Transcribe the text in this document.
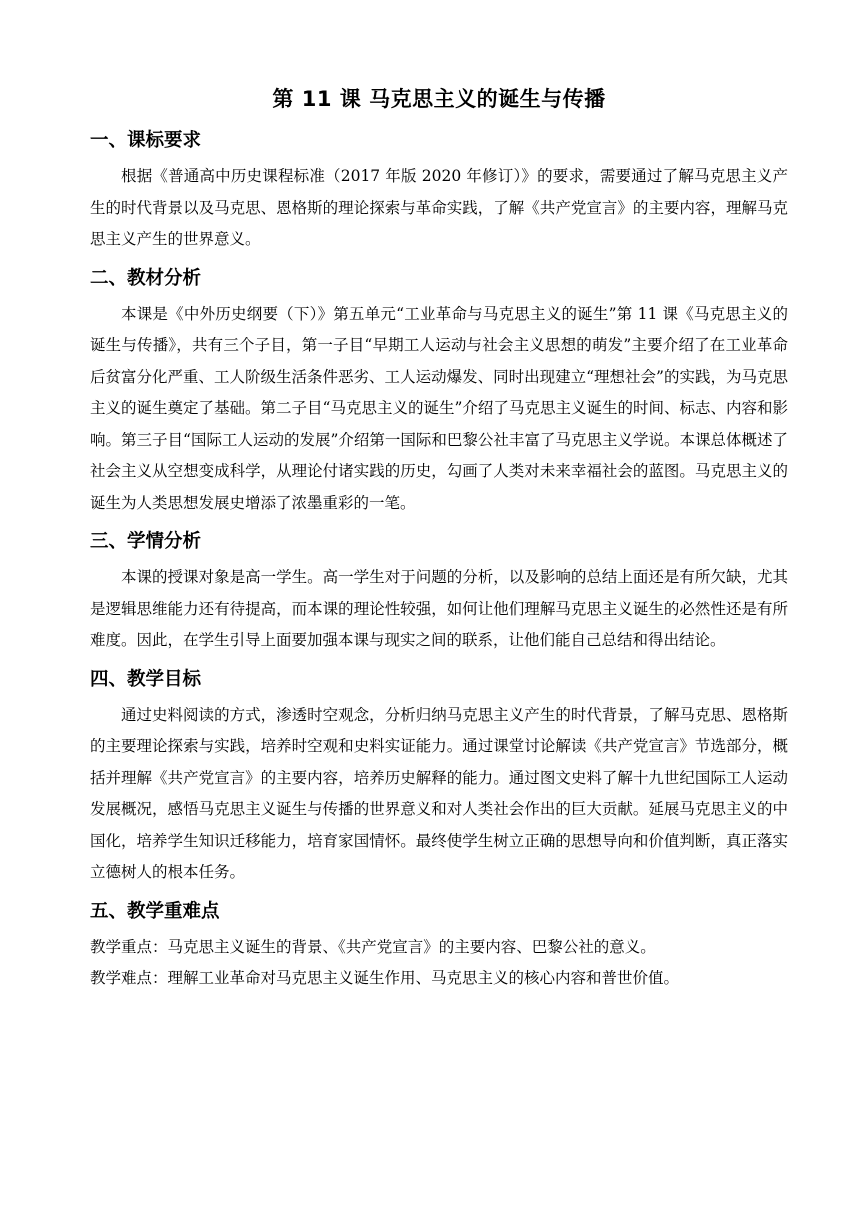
第 11 课 马克思主义的诞生与传播
一、课标要求

根据《普通高中历史课程标准（2017 年版 2020 年修订）》的要求，需要通过了解马克思主义产生的时代背景以及马克思、恩格斯的理论探索与革命实践，了解《共产党宣言》的主要内容，理解马克思主义产生的世界意义。

二、教材分析

本课是《中外历史纲要（下）》第五单元“工业革命与马克思主义的诞生”第 11 课《马克思主义的诞生与传播》，共有三个子目，第一子目“早期工人运动与社会主义思想的萌发”主要介绍了在工业革命后贫富分化严重、工人阶级生活条件恶劣、工人运动爆发、同时出现建立“理想社会”的实践，为马克思主义的诞生奠定了基础。第二子目“马克思主义的诞生”介绍了马克思主义诞生的时间、标志、内容和影响。第三子目“国际工人运动的发展”介绍第一国际和巴黎公社丰富了马克思主义学说。本课总体概述了社会主义从空想变成科学，从理论付诸实践的历史，勾画了人类对未来幸福社会的蓝图。马克思主义的诞生为人类思想发展史增添了浓墨重彩的一笔。

三、学情分析

本课的授课对象是高一学生。高一学生对于问题的分析，以及影响的总结上面还是有所欠缺，尤其是逻辑思维能力还有待提高，而本课的理论性较强，如何让他们理解马克思主义诞生的必然性还是有所难度。因此，在学生引导上面要加强本课与现实之间的联系，让他们能自己总结和得出结论。

四、教学目标

通过史料阅读的方式，渗透时空观念，分析归纳马克思主义产生的时代背景，了解马克思、恩格斯的主要理论探索与实践，培养时空观和史料实证能力。通过课堂讨论解读《共产党宣言》节选部分，概括并理解《共产党宣言》的主要内容，培养历史解释的能力。通过图文史料了解十九世纪国际工人运动发展概况，感悟马克思主义诞生与传播的世界意义和对人类社会作出的巨大贡献。延展马克思主义的中国化，培养学生知识迁移能力，培育家国情怀。最终使学生树立正确的思想导向和价值判断，真正落实立德树人的根本任务。

五、教学重难点

教学重点：马克思主义诞生的背景、《共产党宣言》的主要内容、巴黎公社的意义。

教学难点：理解工业革命对马克思主义诞生作用、马克思主义的核心内容和普世价值。
